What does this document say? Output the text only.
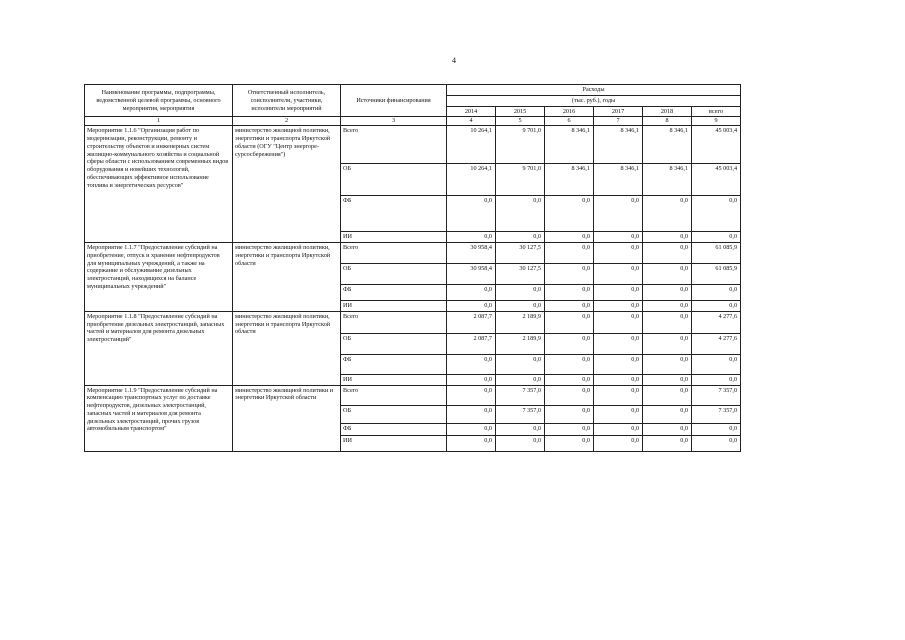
4
Наименование программы, подпрограммы, ведомственной целевой программы, основного мероприятия, мероприятия	Ответственный исполнитель, соисполнители, участники, исполнители мероприятий	Источники финансирования	Расходы					
			(тыс. руб.), годы					
			2014	2015	2016	2017	2018	всего
1	2	3	4	5	6	7	8	9
Мероприятие 1.1.6 "Организация работ по модернизации, реконструкции, ремонту и строительству объектов и инженерных систем жилищно-коммунального хозяйства и социальной сферы области с использованием современных видов оборудования и новейших технологий, обеспечивающих эффективное использование топлива и энергетических ресурсов"	министерство жилищной политики, энергетики и транспорта Иркутской области (ОГУ "Центр энергоре-сурсосбережения")	Всего	10 264,1	9 701,0	8 346,1	8 346,1	8 346,1	45 003,4
		ОБ	10 264,1	9 701,0	8 346,1	8 346,1	8 346,1	45 003,4
		ФБ	0,0	0,0	0,0	0,0	0,0	0,0
		ИИ	0,0	0,0	0,0	0,0	0,0	0,0
Мероприятие 1.1.7 "Предоставление субсидий на приобретение, отпуск и хранение нефтепродуктов для муниципальных учреждений, а также на содержание и обслуживание дизельных электростанций, находящихся на балансе муниципальных учреждений"	министерство жилищной политики, энергетики и транспорта Иркутской области	Всего	30 958,4	30 127,5	0,0	0,0	0,0	61 085,9
		ОБ	30 958,4	30 127,5	0,0	0,0	0,0	61 085,9
		ФБ	0,0	0,0	0,0	0,0	0,0	0,0
		ИИ	0,0	0,0	0,0	0,0	0,0	0,0
Мероприятие 1.1.8 "Предоставление субсидий на приобретение дизельных электростанций, запасных частей и материалов для ремонта дизельных электростанций"	министерство жилищной политики, энергетики и транспорта Иркутской области	Всего	2 087,7	2 189,9	0,0	0,0	0,0	4 277,6
		ОБ	2 087,7	2 189,9	0,0	0,0	0,0	4 277,6
		ФБ	0,0	0,0	0,0	0,0	0,0	0,0
		ИИ	0,0	0,0	0,0	0,0	0,0	0,0
Мероприятие 1.1.9 "Предоставление субсидий на компенсацию транспортных услуг по доставке нефтепродуктов, дизельных электростанций, запасных частей и материалов для ремонта дизельных электростанций, прочих грузов автомобильным транспортом"	министерство жилищной политики и энергетики Иркутской области	Всего	0,0	7 357,0	0,0	0,0	0,0	7 357,0
		ОБ	0,0	7 357,0	0,0	0,0	0,0	7 357,0
		ФБ	0,0	0,0	0,0	0,0	0,0	0,0
		ИИ	0,0	0,0	0,0	0,0	0,0	0,0
